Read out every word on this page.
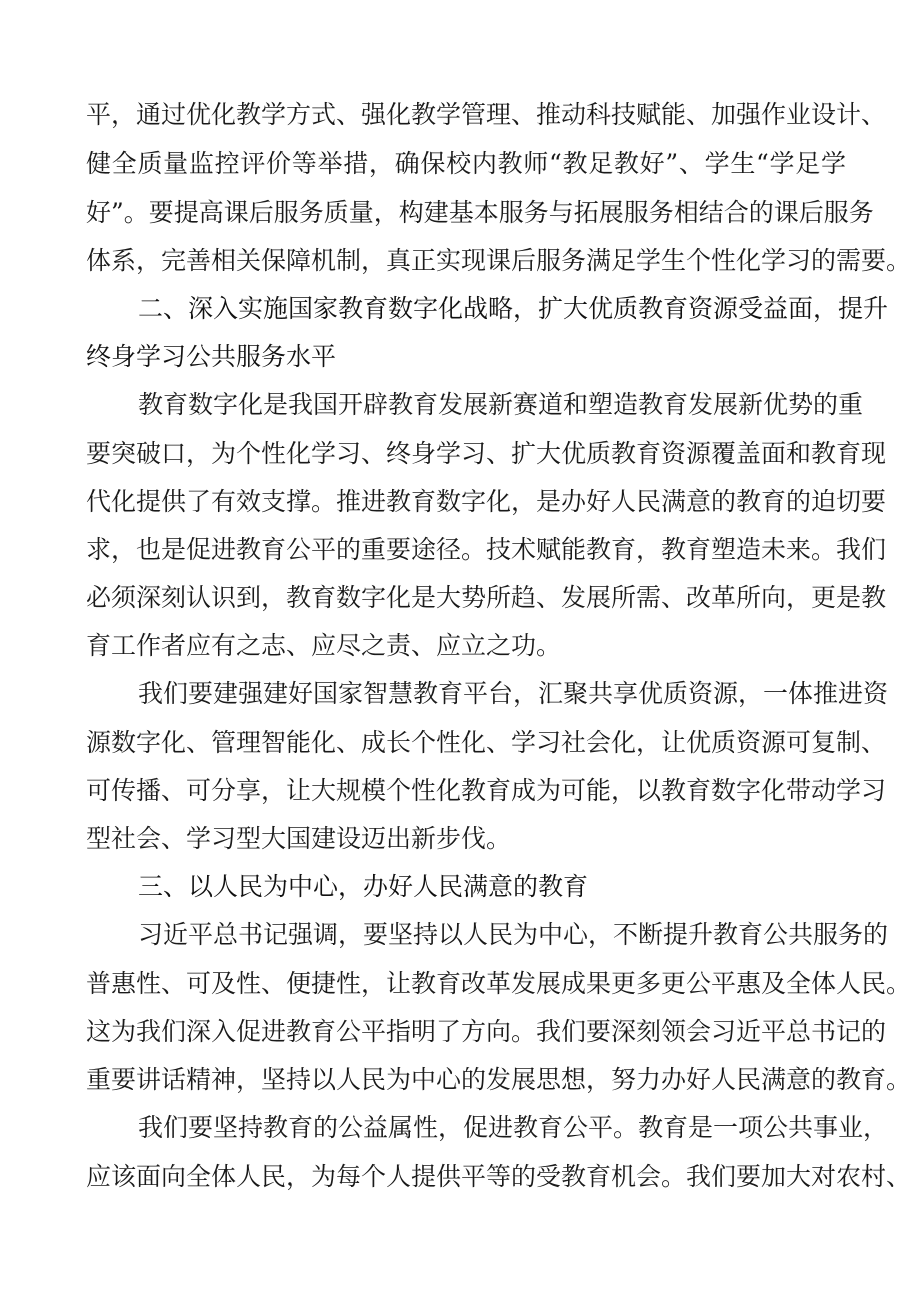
平，通过优化教学方式、强化教学管理、推动科技赋能、加强作业设计、
健全质量监控评价等举措，确保校内教师“教足教好”、学生“学足学
好”。要提高课后服务质量，构建基本服务与拓展服务相结合的课后服务
体系，完善相关保障机制，真正实现课后服务满足学生个性化学习的需要。
二、深入实施国家教育数字化战略，扩大优质教育资源受益面，提升
终身学习公共服务水平
教育数字化是我国开辟教育发展新赛道和塑造教育发展新优势的重
要突破口，为个性化学习、终身学习、扩大优质教育资源覆盖面和教育现
代化提供了有效支撑。推进教育数字化，是办好人民满意的教育的迫切要
求，也是促进教育公平的重要途径。技术赋能教育，教育塑造未来。我们
必须深刻认识到，教育数字化是大势所趋、发展所需、改革所向，更是教
育工作者应有之志、应尽之责、应立之功。
我们要建强建好国家智慧教育平台，汇聚共享优质资源，一体推进资
源数字化、管理智能化、成长个性化、学习社会化，让优质资源可复制、
可传播、可分享，让大规模个性化教育成为可能，以教育数字化带动学习
型社会、学习型大国建设迈出新步伐。
三、以人民为中心，办好人民满意的教育
习近平总书记强调，要坚持以人民为中心，不断提升教育公共服务的
普惠性、可及性、便捷性，让教育改革发展成果更多更公平惠及全体人民。
这为我们深入促进教育公平指明了方向。我们要深刻领会习近平总书记的
重要讲话精神，坚持以人民为中心的发展思想，努力办好人民满意的教育。
我们要坚持教育的公益属性，促进教育公平。教育是一项公共事业，
应该面向全体人民，为每个人提供平等的受教育机会。我们要加大对农村、
